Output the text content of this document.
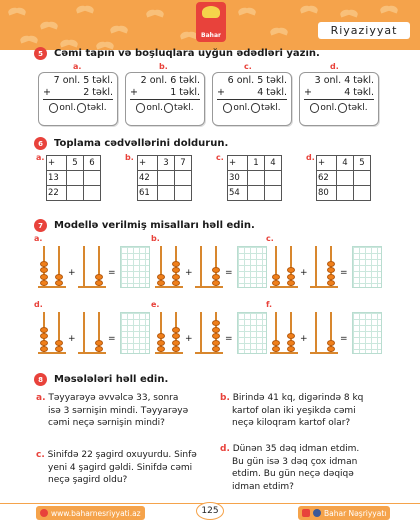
Bahar	Riyaziyyat
5	Cəmi tapın və boşluqlara uyğun ədədləri yazın.
a.	b.	c.	d.
7 onl. 5 təkl.
+	2 təkl.
onl. təkl.
2 onl. 6 təkl.
+	1 təkl.
onl. təkl.
6 onl. 5 təkl.
+	4 təkl.
onl. təkl.
3 onl. 4 təkl.
+	4 təkl.
onl. təkl.
6	Toplama cədvəllərini doldurun.
a.
+	5	6
13		
22		
b.
+	3	7
42		
61		
c.
+	1	4
30		
54		
d.
+	4	5
62		
80		
7	Modellə verilmiş misalları həll edin.
a.
+	=
b.
+	=
c.
+	=
d.
+	=
e.
+	=
f.
+	=
8	Məsələləri həll edin.
a. Təyyarəyə əvvəlcə 33, sonra
isə 3 sərnişin mindi. Təyyarəyə
cəmi neçə sərnişin mindi?
b. Birində 41 kq, digərində 8 kq
kartof olan iki yeşikdə cəmi
neçə kiloqram kartof olar?
c. Sinifdə 22 şagird oxuyurdu. Sinfə
yeni 4 şagird gəldi. Sinifdə cəmi
neçə şagird oldu?
d. Dünən 35 dəq idman etdim.
Bu gün isə 3 dəq çox idman
etdim. Bu gün neçə dəqiqə
idman etdim?
www.baharnesriyyati.az	125	Bahar Nəşriyyatı
